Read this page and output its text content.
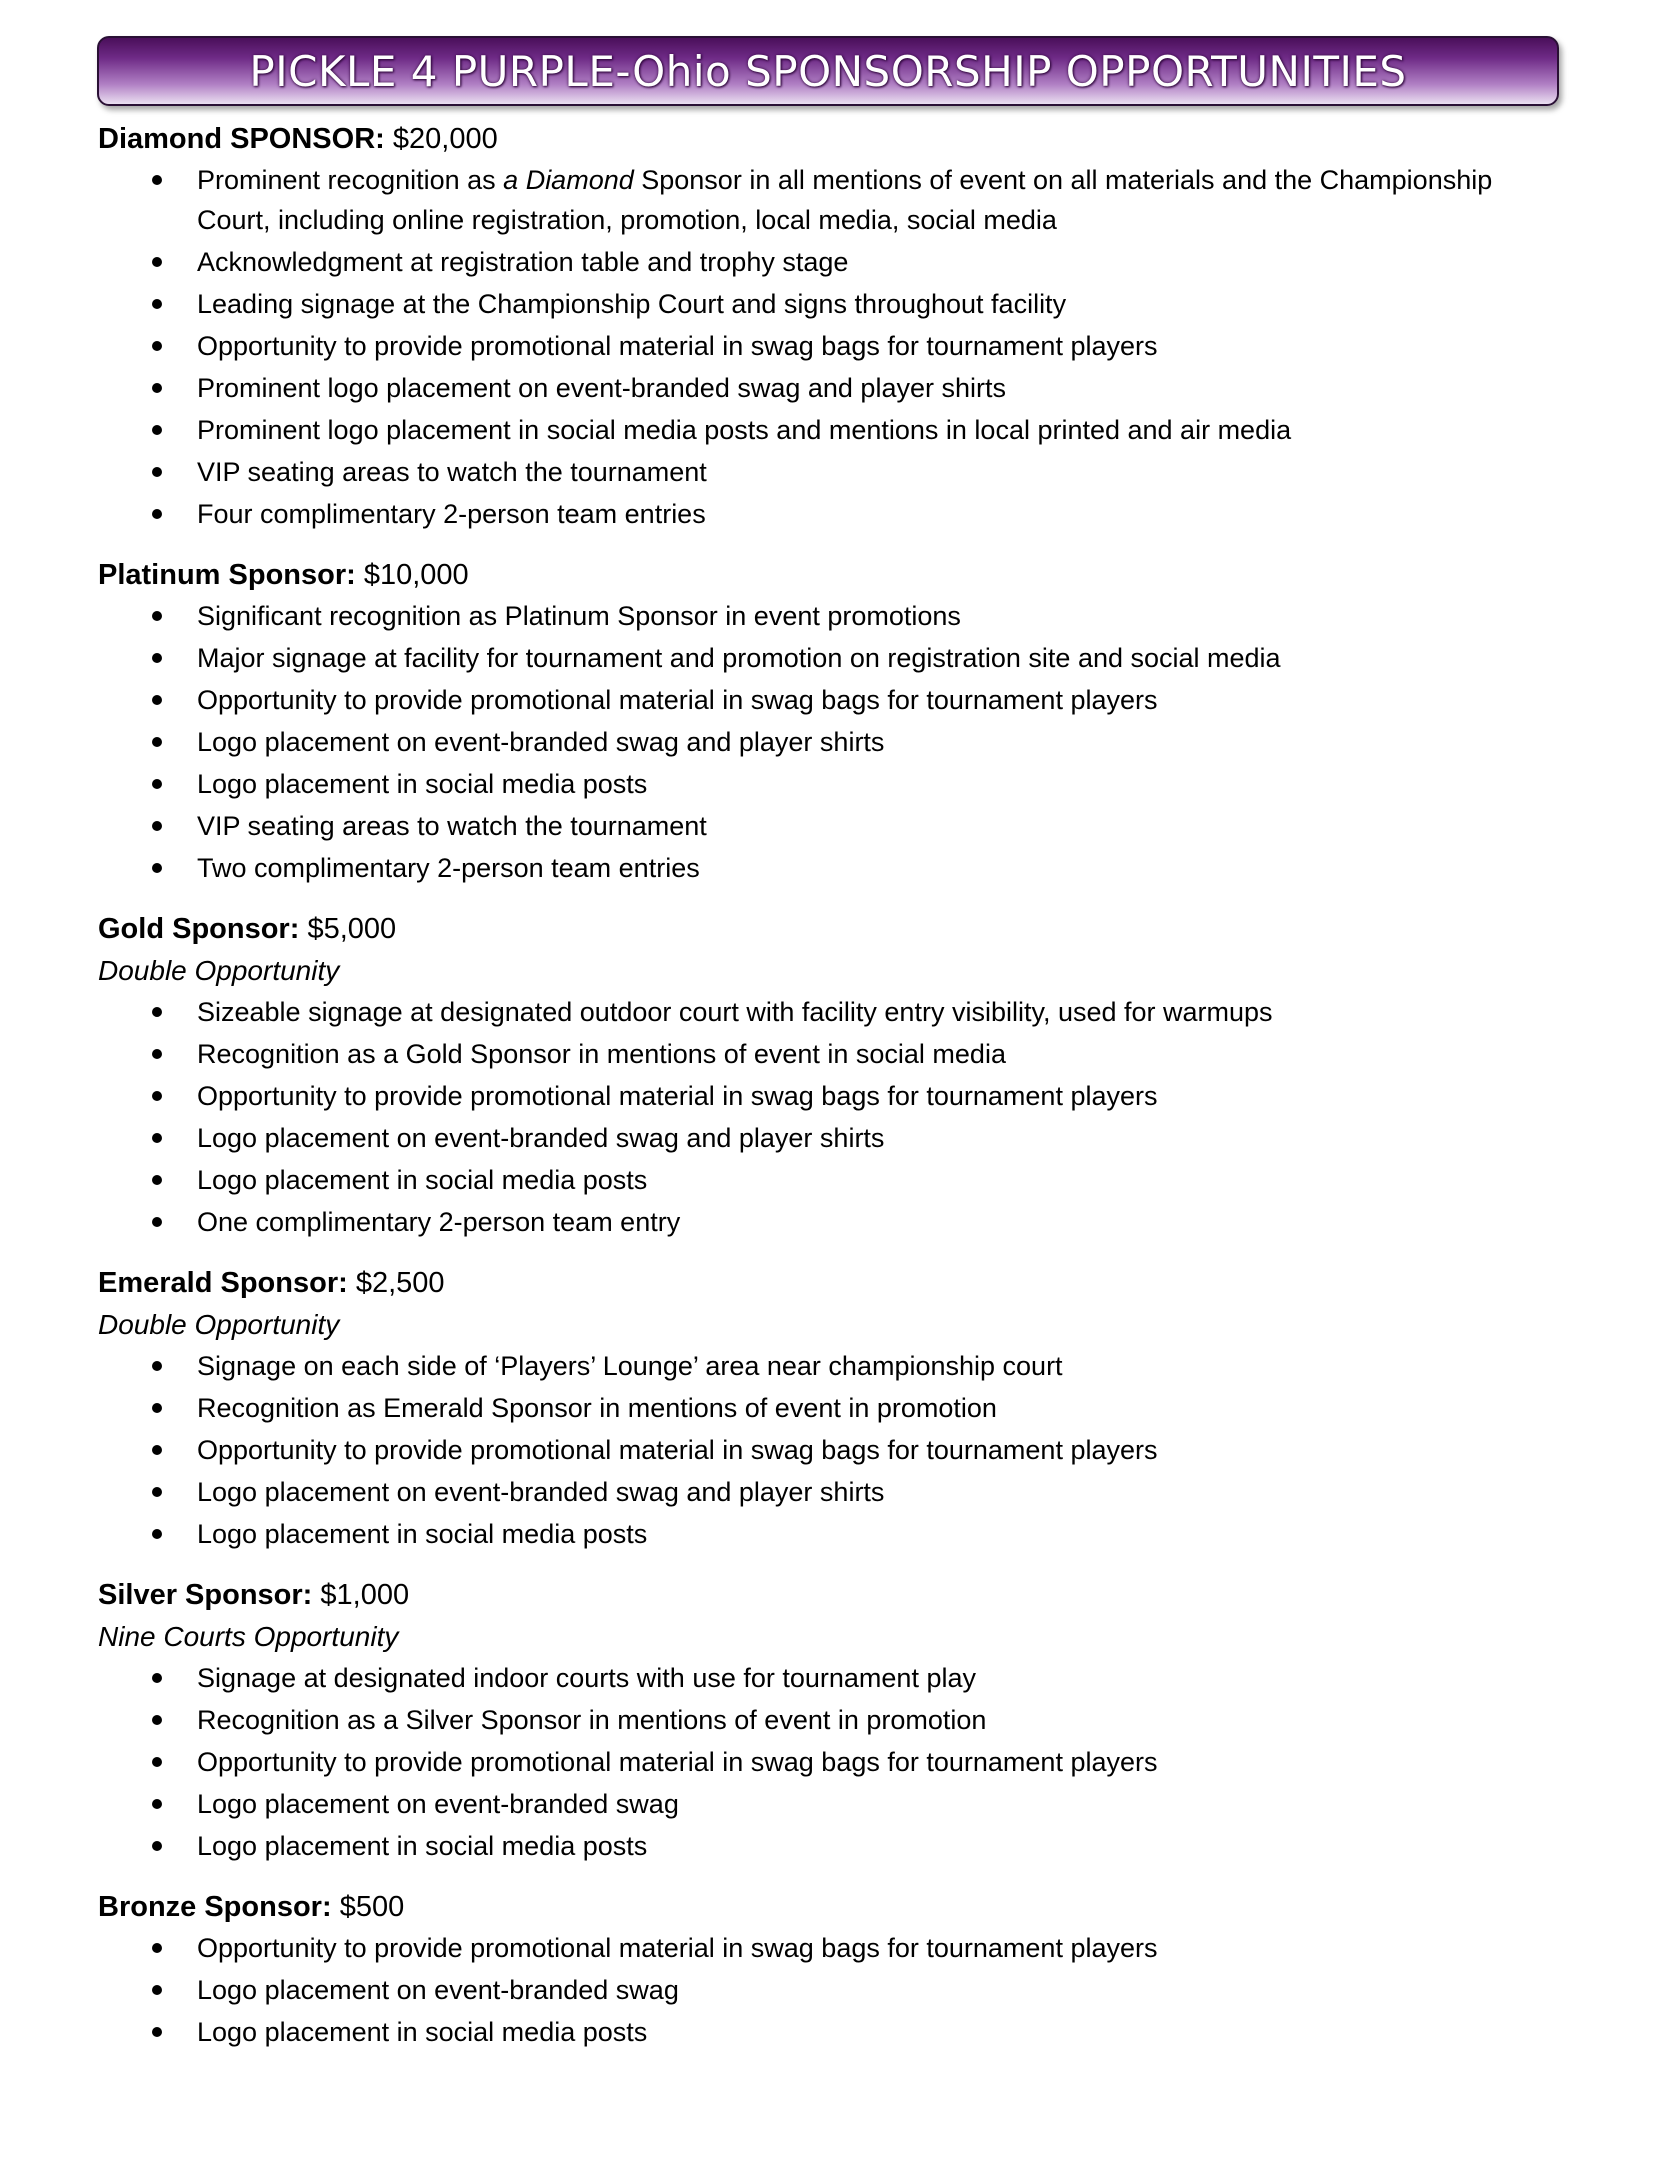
PICKLE 4 PURPLE-Ohio SPONSORSHIP OPPORTUNITIES

Diamond SPONSOR: $20,000

Prominent recognition as a Diamond Sponsor in all mentions of event on all materials and the Championship Court, including online registration, promotion, local media, social media
Acknowledgment at registration table and trophy stage
Leading signage at the Championship Court and signs throughout facility
Opportunity to provide promotional material in swag bags for tournament players
Prominent logo placement on event-branded swag and player shirts
Prominent logo placement in social media posts and mentions in local printed and air media
VIP seating areas to watch the tournament
Four complimentary 2-person team entries

Platinum Sponsor: $10,000

Significant recognition as Platinum Sponsor in event promotions
Major signage at facility for tournament and promotion on registration site and social media
Opportunity to provide promotional material in swag bags for tournament players
Logo placement on event-branded swag and player shirts
Logo placement in social media posts
VIP seating areas to watch the tournament
Two complimentary 2-person team entries

Gold Sponsor: $5,000

Double Opportunity

Sizeable signage at designated outdoor court with facility entry visibility, used for warmups
Recognition as a Gold Sponsor in mentions of event in social media
Opportunity to provide promotional material in swag bags for tournament players
Logo placement on event-branded swag and player shirts
Logo placement in social media posts
One complimentary 2-person team entry

Emerald Sponsor: $2,500

Double Opportunity

Signage on each side of ‘Players’ Lounge’ area near championship court
Recognition as Emerald Sponsor in mentions of event in promotion
Opportunity to provide promotional material in swag bags for tournament players
Logo placement on event-branded swag and player shirts
Logo placement in social media posts

Silver Sponsor: $1,000

Nine Courts Opportunity

Signage at designated indoor courts with use for tournament play
Recognition as a Silver Sponsor in mentions of event in promotion
Opportunity to provide promotional material in swag bags for tournament players
Logo placement on event-branded swag
Logo placement in social media posts

Bronze Sponsor: $500

Opportunity to provide promotional material in swag bags for tournament players
Logo placement on event-branded swag
Logo placement in social media posts
